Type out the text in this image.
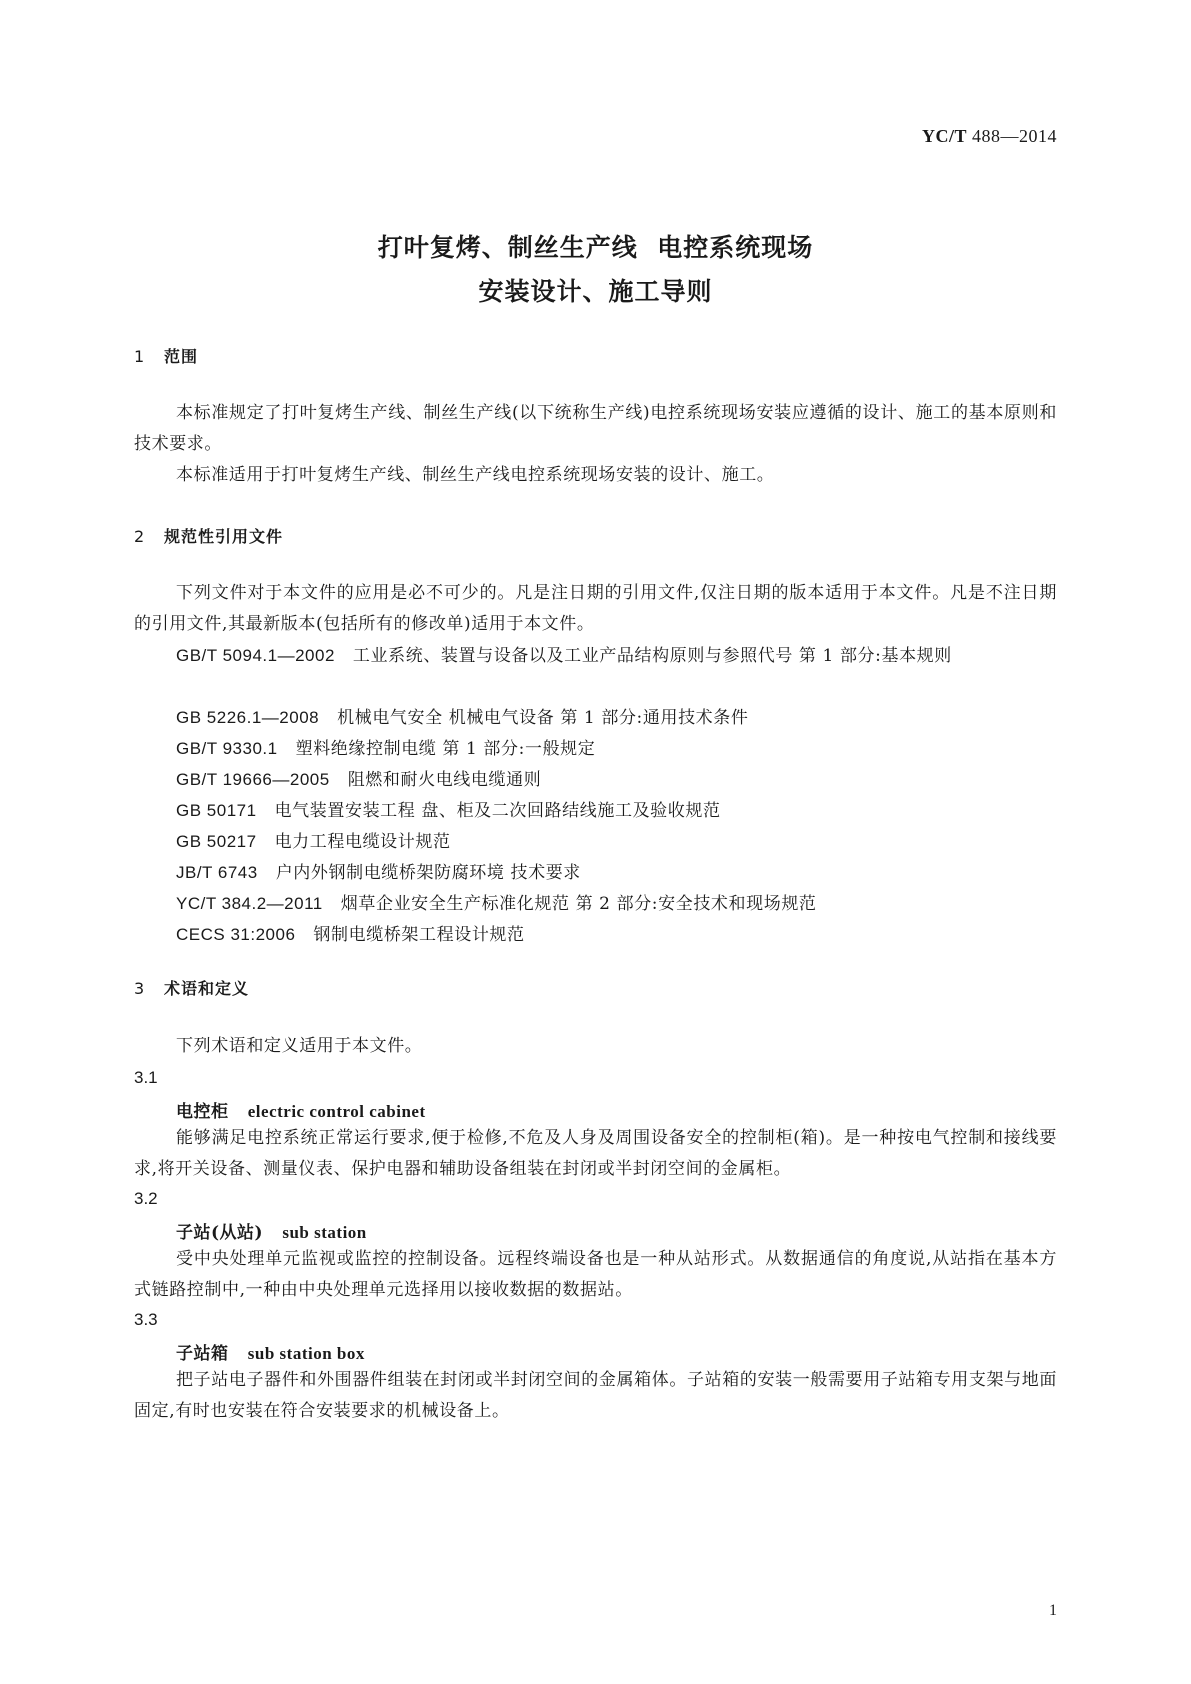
YC/T 488—2014
打叶复烤、制丝生产线  电控系统现场
安装设计、施工导则
1 范围
本标准规定了打叶复烤生产线、制丝生产线(以下统称生产线)电控系统现场安装应遵循的设计、施工的基本原则和技术要求。
本标准适用于打叶复烤生产线、制丝生产线电控系统现场安装的设计、施工。
2 规范性引用文件
下列文件对于本文件的应用是必不可少的。凡是注日期的引用文件,仅注日期的版本适用于本文件。凡是不注日期的引用文件,其最新版本(包括所有的修改单)适用于本文件。
GB/T 5094.1—2002 工业系统、装置与设备以及工业产品结构原则与参照代号 第 1 部分:基本规则
GB 5226.1—2008 机械电气安全 机械电气设备 第 1 部分:通用技术条件
GB/T 9330.1 塑料绝缘控制电缆 第 1 部分:一般规定
GB/T 19666—2005 阻燃和耐火电线电缆通则
GB 50171 电气装置安装工程 盘、柜及二次回路结线施工及验收规范
GB 50217 电力工程电缆设计规范
JB/T 6743 户内外钢制电缆桥架防腐环境 技术要求
YC/T 384.2—2011 烟草企业安全生产标准化规范 第 2 部分:安全技术和现场规范
CECS 31:2006 钢制电缆桥架工程设计规范
3 术语和定义
下列术语和定义适用于本文件。
3.1
电控柜 electric control cabinet
能够满足电控系统正常运行要求,便于检修,不危及人身及周围设备安全的控制柜(箱)。是一种按电气控制和接线要求,将开关设备、测量仪表、保护电器和辅助设备组装在封闭或半封闭空间的金属柜。
3.2
子站(从站) sub station
受中央处理单元监视或监控的控制设备。远程终端设备也是一种从站形式。从数据通信的角度说,从站指在基本方式链路控制中,一种由中央处理单元选择用以接收数据的数据站。
3.3
子站箱 sub station box
把子站电子器件和外围器件组装在封闭或半封闭空间的金属箱体。子站箱的安装一般需要用子站箱专用支架与地面固定,有时也安装在符合安装要求的机械设备上。
1
